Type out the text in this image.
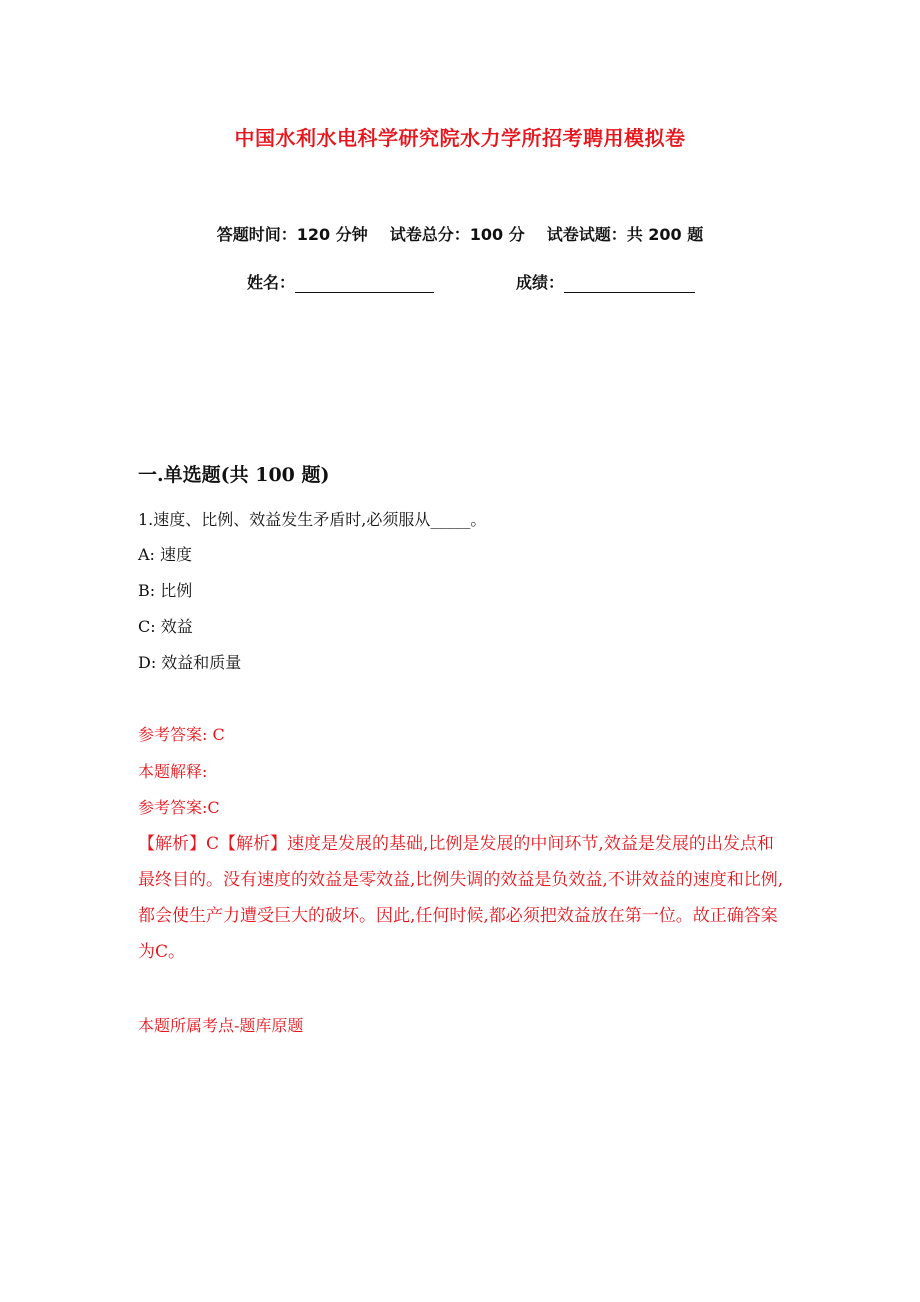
中国水利水电科学研究院水力学所招考聘用模拟卷
答题时间：120 分钟 试卷总分：100 分 试卷试题：共 200 题
姓名：	成绩：
一.单选题(共 100 题)
1.速度、比例、效益发生矛盾时,必须服从_____。
A: 速度
B: 比例
C: 效益
D: 效益和质量
参考答案: C
本题解释:
参考答案:C
【解析】C【解析】速度是发展的基础,比例是发展的中间环节,效益是发展的出发点和最终目的。没有速度的效益是零效益,比例失调的效益是负效益,不讲效益的速度和比例,都会使生产力遭受巨大的破坏。因此,任何时候,都必须把效益放在第一位。故正确答案为C。
本题所属考点-题库原题
